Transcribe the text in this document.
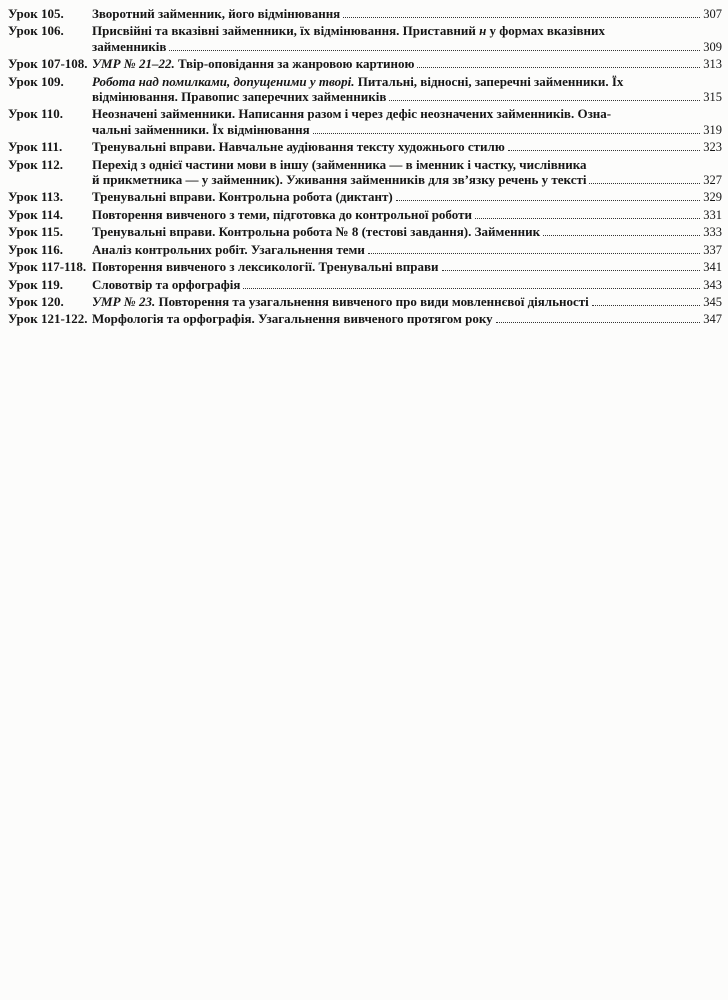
Урок 105.	Зворотний займенник, його відмінювання	307
Урок 106.	Присвійні та вказівні займенники, їх відмінювання. Приставний н у формах вказівних
займенників	309
Урок 107-108. УМР № 21–22. Твір-оповідання за жанровою картиною	313
Урок 109.	Робота над помилками, допущеними у творі. Питальні, відносні, заперечні займенники. Їх
відмінювання. Правопис заперечних займенників	315
Урок 110.	Неозначені займенники. Написання разом і через дефіс неозначених займенників. Озна-
чальні займенники. Їх відмінювання	319
Урок 111.	Тренувальні вправи. Навчальне аудіювання тексту художнього стилю	323
Урок 112.	Перехід з однієї частини мови в іншу (займенника — в іменник і частку, числівника
й прикметника — у займенник). Уживання займенників для зв’язку речень у тексті	327
Урок 113.	Тренувальні вправи. Контрольна робота (диктант)	329
Урок 114.	Повторення вивченого з теми, підготовка до контрольної роботи	331
Урок 115.	Тренувальні вправи. Контрольна робота № 8 (тестові завдання). Займенник	333
Урок 116.	Аналіз контрольних робіт. Узагальнення теми	337
Урок 117-118. Повторення вивченого з лексикології. Тренувальні вправи	341
Урок 119.	Словотвір та орфографія	343
Урок 120.	УМР № 23. Повторення та узагальнення вивченого про види мовленнєвої діяльності	345
Урок 121-122. Морфологія та орфографія. Узагальнення вивченого протягом року	347
